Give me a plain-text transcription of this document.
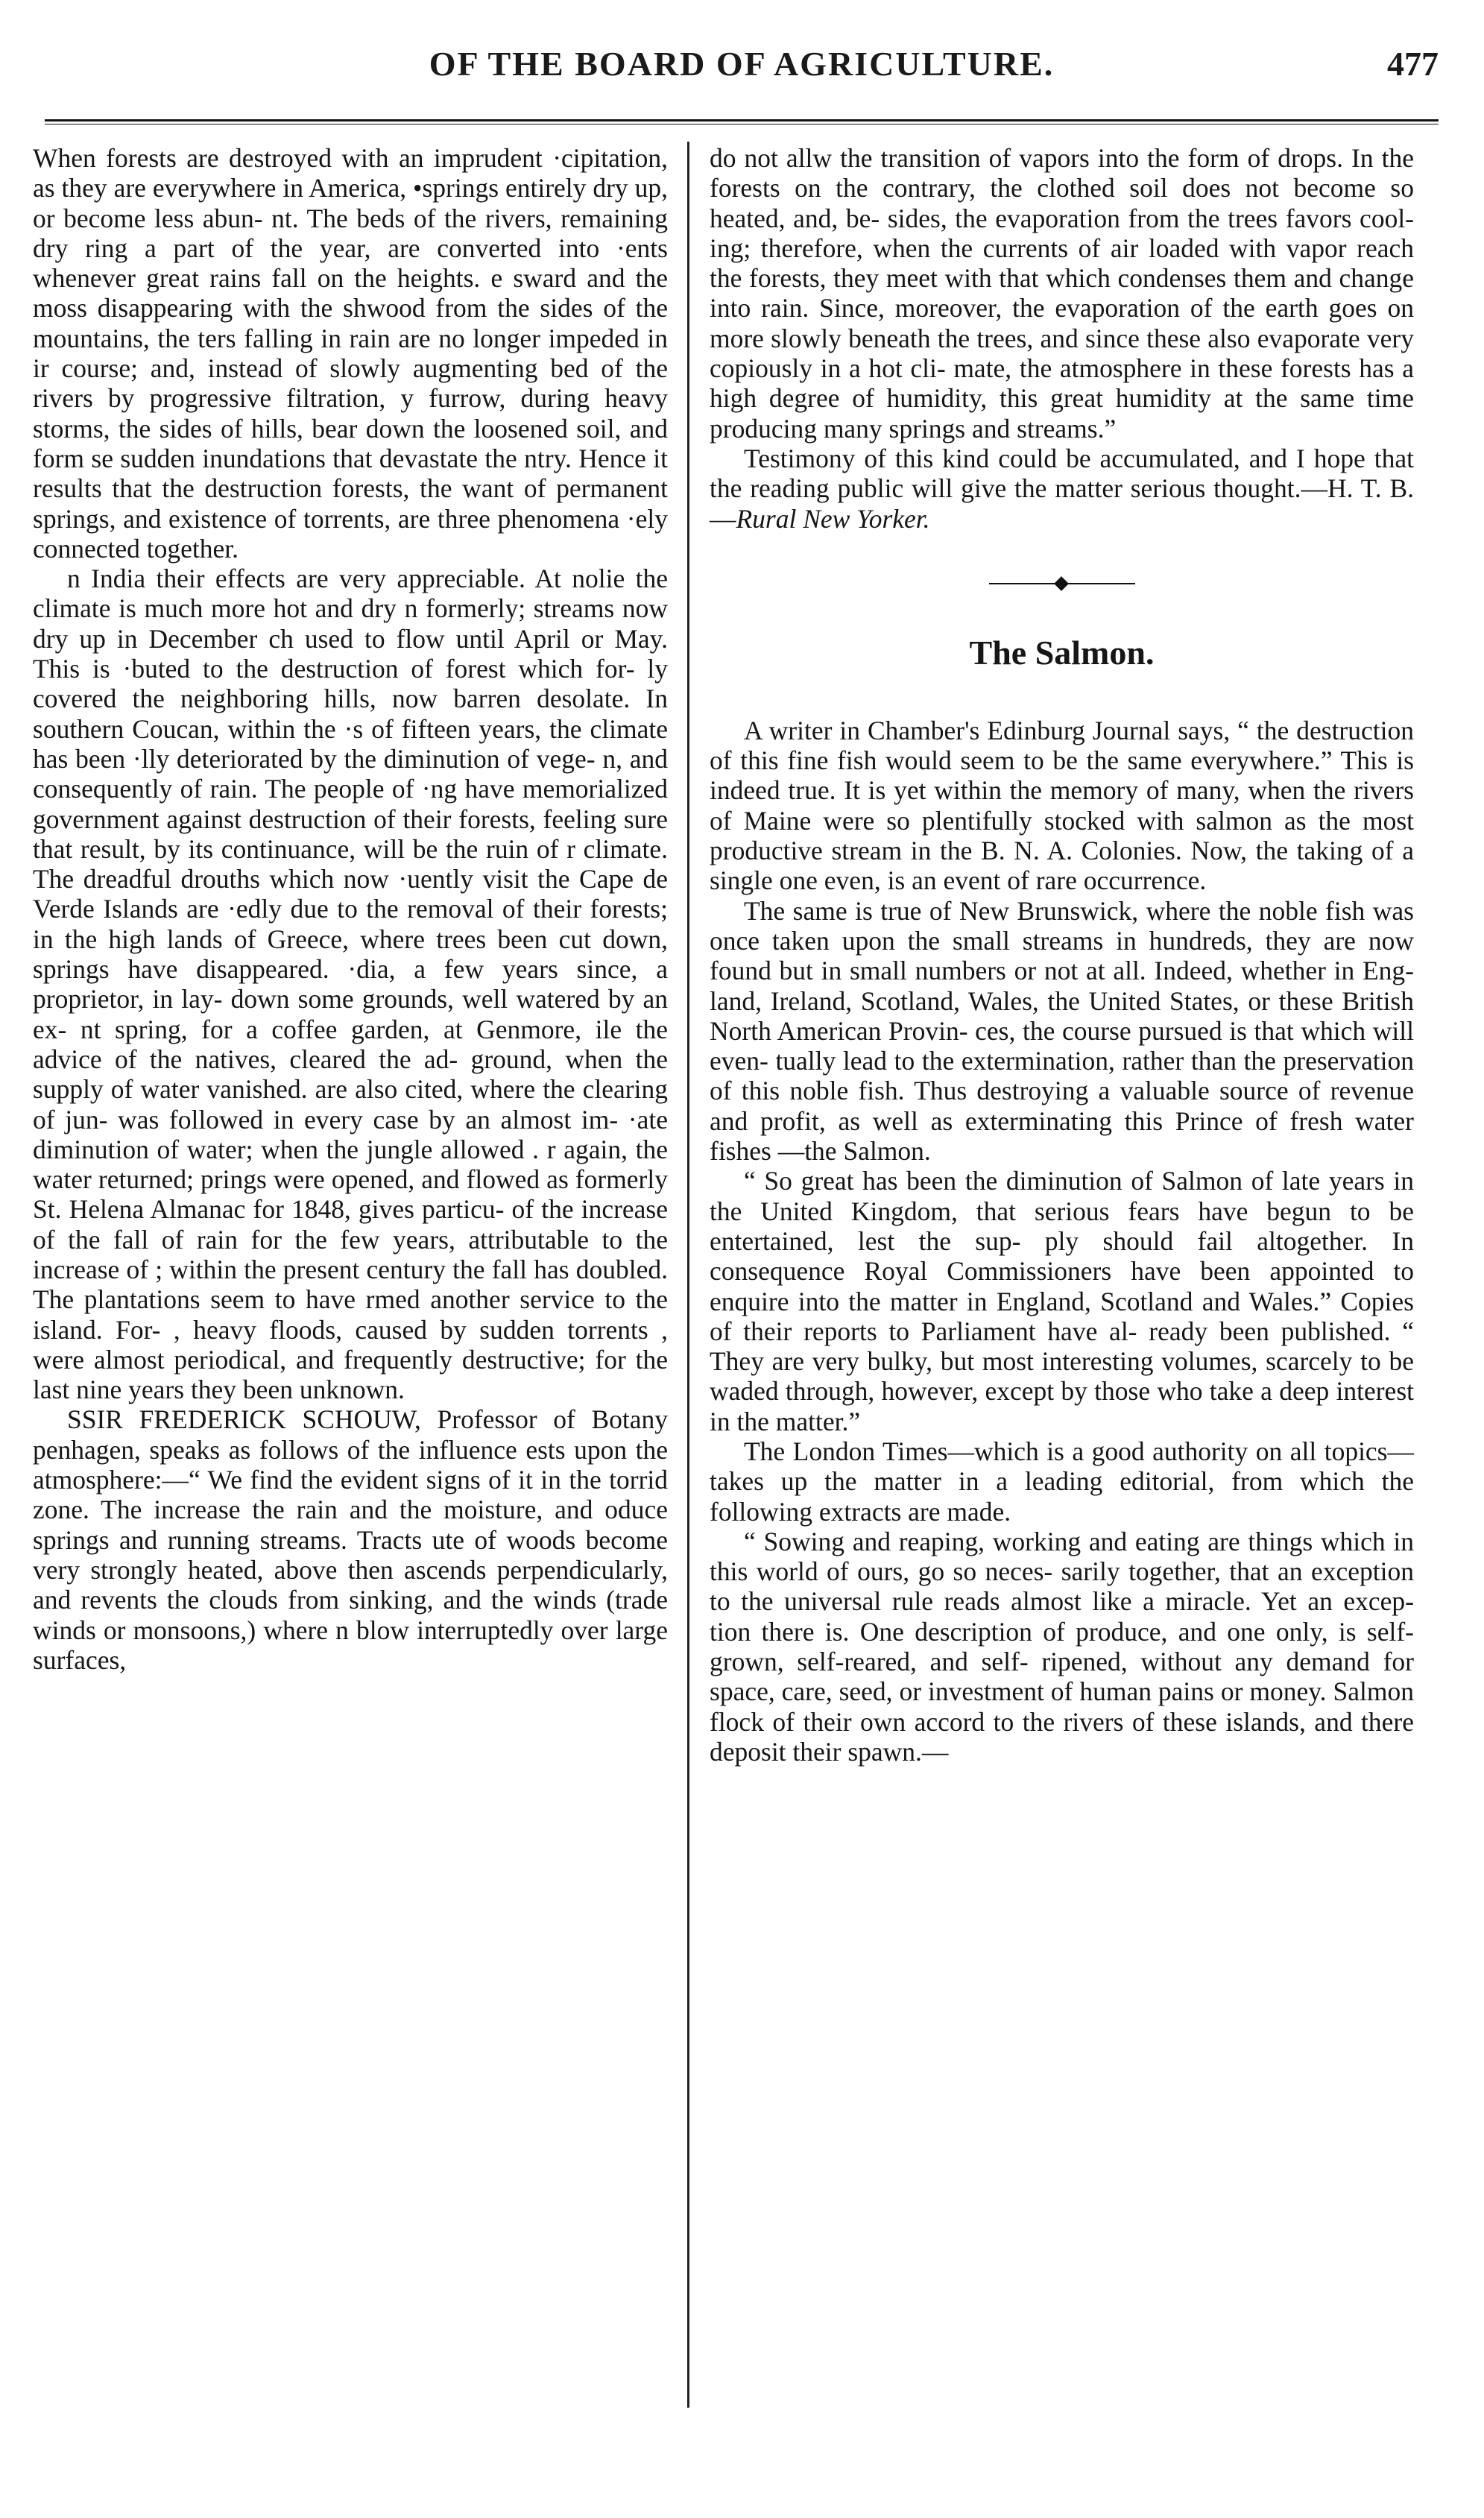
OF THE BOARD OF AGRICULTURE.	477

When forests are destroyed with an imprudent ·cipitation, as they are everywhere in America, •springs entirely dry up, or become less abun- nt. The beds of the rivers, remaining dry ring a part of the year, are converted into ·ents whenever great rains fall on the heights. e sward and the moss disappearing with the shwood from the sides of the mountains, the ters falling in rain are no longer impeded in ir course; and, instead of slowly augmenting bed of the rivers by progressive filtration, y furrow, during heavy storms, the sides of hills, bear down the loosened soil, and form se sudden inundations that devastate the ntry. Hence it results that the destruction forests, the want of permanent springs, and existence of torrents, are three phenomena ·ely connected together.

n India their effects are very appreciable. At nolie the climate is much more hot and dry n formerly; streams now dry up in December ch used to flow until April or May. This is ·buted to the destruction of forest which for- ly covered the neighboring hills, now barren desolate. In southern Coucan, within the ·s of fifteen years, the climate has been ·lly deteriorated by the diminution of vege- n, and consequently of rain. The people of ·ng have memorialized government against destruction of their forests, feeling sure that result, by its continuance, will be the ruin of r climate. The dreadful drouths which now ·uently visit the Cape de Verde Islands are ·edly due to the removal of their forests; in the high lands of Greece, where trees been cut down, springs have disappeared. ·dia, a few years since, a proprietor, in lay- down some grounds, well watered by an ex- nt spring, for a coffee garden, at Genmore, ile the advice of the natives, cleared the ad- ground, when the supply of water vanished. are also cited, where the clearing of jun- was followed in every case by an almost im- ·ate diminution of water; when the jungle allowed . r again, the water returned; prings were opened, and flowed as formerly St. Helena Almanac for 1848, gives particu- of the increase of the fall of rain for the few years, attributable to the increase of ; within the present century the fall has doubled. The plantations seem to have rmed another service to the island. For- , heavy floods, caused by sudden torrents , were almost periodical, and frequently destructive; for the last nine years they been unknown.

SSIR FREDERICK SCHOUW, Professor of Botany penhagen, speaks as follows of the influence ests upon the atmosphere:—“ We find the evident signs of it in the torrid zone. The increase the rain and the moisture, and oduce springs and running streams. Tracts ute of woods become very strongly heated, above then ascends perpendicularly, and revents the clouds from sinking, and the winds (trade winds or monsoons,) where n blow interruptedly over large surfaces,

do not allw the transition of vapors into the form of drops. In the forests on the contrary, the clothed soil does not become so heated, and, be- sides, the evaporation from the trees favors cool- ing; therefore, when the currents of air loaded with vapor reach the forests, they meet with that which condenses them and change into rain. Since, moreover, the evaporation of the earth goes on more slowly beneath the trees, and since these also evaporate very copiously in a hot cli- mate, the atmosphere in these forests has a high degree of humidity, this great humidity at the same time producing many springs and streams.”

Testimony of this kind could be accumulated, and I hope that the reading public will give the matter serious thought.—H. T. B.—Rural New Yorker.

The Salmon.

A writer in Chamber's Edinburg Journal says, “ the destruction of this fine fish would seem to be the same everywhere.” This is indeed true. It is yet within the memory of many, when the rivers of Maine were so plentifully stocked with salmon as the most productive stream in the B. N. A. Colonies. Now, the taking of a single one even, is an event of rare occurrence.

The same is true of New Brunswick, where the noble fish was once taken upon the small streams in hundreds, they are now found but in small numbers or not at all. Indeed, whether in Eng- land, Ireland, Scotland, Wales, the United States, or these British North American Provin- ces, the course pursued is that which will even- tually lead to the extermination, rather than the preservation of this noble fish. Thus destroying a valuable source of revenue and profit, as well as exterminating this Prince of fresh water fishes —the Salmon.

“ So great has been the diminution of Salmon of late years in the United Kingdom, that serious fears have begun to be entertained, lest the sup- ply should fail altogether. In consequence Royal Commissioners have been appointed to enquire into the matter in England, Scotland and Wales.” Copies of their reports to Parliament have al- ready been published. “ They are very bulky, but most interesting volumes, scarcely to be waded through, however, except by those who take a deep interest in the matter.”

The London Times—which is a good authority on all topics—takes up the matter in a leading editorial, from which the following extracts are made.

“ Sowing and reaping, working and eating are things which in this world of ours, go so neces- sarily together, that an exception to the universal rule reads almost like a miracle. Yet an excep- tion there is. One description of produce, and one only, is self-grown, self-reared, and self- ripened, without any demand for space, care, seed, or investment of human pains or money. Salmon flock of their own accord to the rivers of these islands, and there deposit their spawn.—
